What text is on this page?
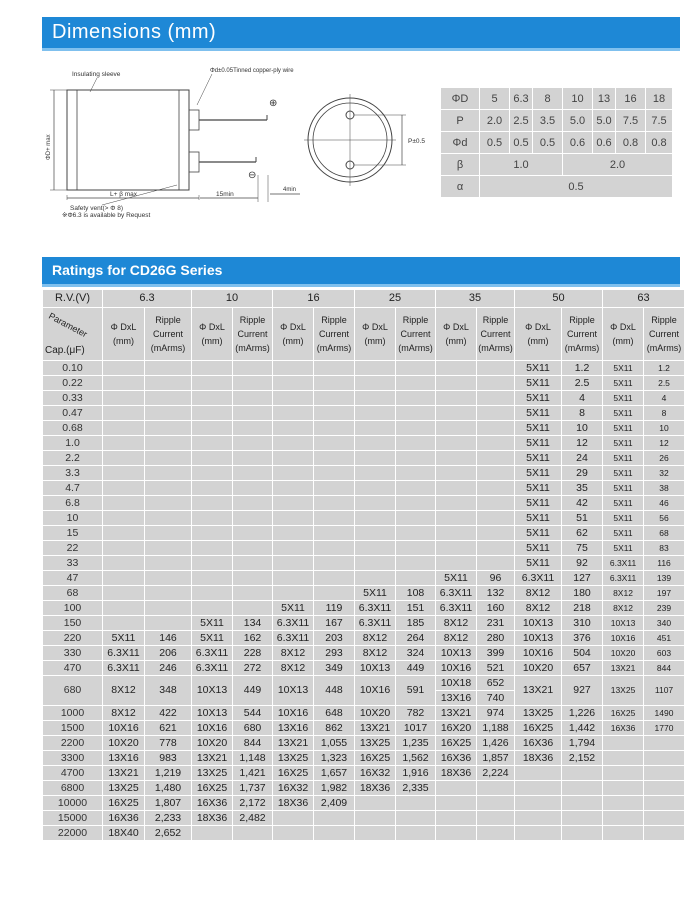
Dimensions (mm)
Insulating sleeve	Φd±0.05Tinned copper-ply wire
ΦD+ max
L+ β max	15min
4min
Safety vent(> Φ 8)
※Φ6.3 is available by Request
⊕
⊖
P±0.5
ΦD	5	6.3	8	10	13	16	18
P	2.0	2.5	3.5	5.0	5.0	7.5	7.5
Φd	0.5	0.5	0.5	0.6	0.6	0.8	0.8
β	1.0			2.0			
α	0.5						
Ratings for CD26G Series
R.V.(V)	6.3		10		16		25		35		50		63	

Parameter
Cap.(μF)	Φ DxL (mm)	Ripple Current (mArms)	Φ DxL (mm)	Ripple Current (mArms)	Φ DxL (mm)	Ripple Current (mArms)	Φ DxL (mm)	Ripple Current (mArms)	Φ DxL (mm)	Ripple Current (mArms)	Φ DxL (mm)	Ripple Current (mArms)	Φ DxL (mm)	Ripple Current (mArms)
0.10											5X11	1.2	5X11	1.2
0.22											5X11	2.5	5X11	2.5
0.33											5X11	4	5X11	4
0.47											5X11	8	5X11	8
0.68											5X11	10	5X11	10
1.0											5X11	12	5X11	12
2.2											5X11	24	5X11	26
3.3											5X11	29	5X11	32
4.7											5X11	35	5X11	38
6.8											5X11	42	5X11	46
10											5X11	51	5X11	56
15											5X11	62	5X11	68
22											5X11	75	5X11	83
33											5X11	92	6.3X11	116
47									5X11	96	6.3X11	127	6.3X11	139
68							5X11	108	6.3X11	132	8X12	180	8X12	197
100					5X11	119	6.3X11	151	6.3X11	160	8X12	218	8X12	239
150			5X11	134	6.3X11	167	6.3X11	185	8X12	231	10X13	310	10X13	340
220	5X11	146	5X11	162	6.3X11	203	8X12	264	8X12	280	10X13	376	10X16	451
330	6.3X11	206	6.3X11	228	8X12	293	8X12	324	10X13	399	10X16	504	10X20	603
470	6.3X11	246	6.3X11	272	8X12	349	10X13	449	10X16	521	10X20	657	13X21	844
680	8X12	348	10X13	449	10X13	448	10X16	591	10X18	652	13X21	927	13X25	1107
									13X16	740				
1000	8X12	422	10X13	544	10X16	648	10X20	782	13X21	974	13X25	1,226	16X25	1490
1500	10X16	621	10X16	680	13X16	862	13X21	1017	16X20	1,188	16X25	1,442	16X36	1770
2200	10X20	778	10X20	844	13X21	1,055	13X25	1,235	16X25	1,426	16X36	1,794		
3300	13X16	983	13X21	1,148	13X25	1,323	16X25	1,562	16X36	1,857	18X36	2,152		
4700	13X21	1,219	13X25	1,421	16X25	1,657	16X32	1,916	18X36	2,224				
6800	13X25	1,480	16X25	1,737	16X32	1,982	18X36	2,335						
10000	16X25	1,807	16X36	2,172	18X36	2,409								
15000	16X36	2,233	18X36	2,482										
22000	18X40	2,652												
